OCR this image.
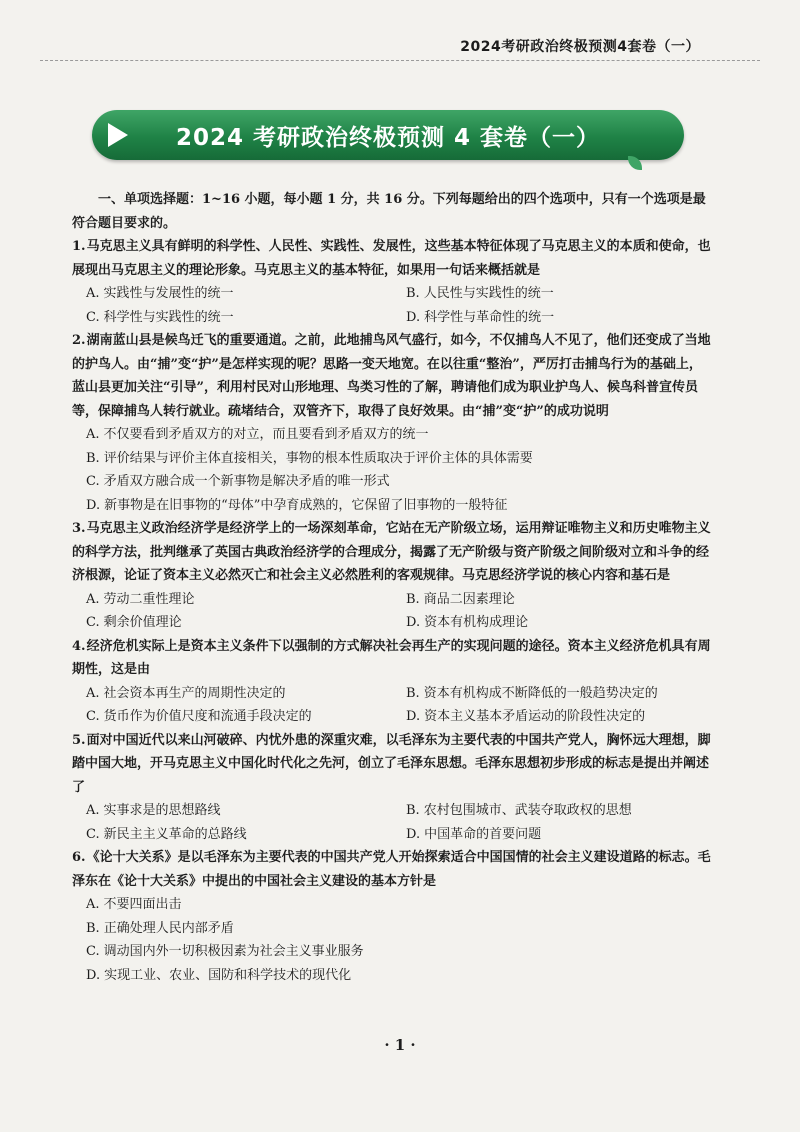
2024考研政治终极预测4套卷（一）
2024 考研政治终极预测 4 套卷（一）

一、单项选择题：1~16 小题，每小题 1 分，共 16 分。下列每题给出的四个选项中，只有一个选项是最符合题目要求的。

1.马克思主义具有鲜明的科学性、人民性、实践性、发展性，这些基本特征体现了马克思主义的本质和使命，也展现出马克思主义的理论形象。马克思主义的基本特征，如果用一句话来概括就是

A. 实践性与发展性的统一	B. 人民性与实践性的统一
C. 科学性与实践性的统一	D. 科学性与革命性的统一

2.湖南蓝山县是候鸟迁飞的重要通道。之前，此地捕鸟风气盛行，如今，不仅捕鸟人不见了，他们还变成了当地的护鸟人。由“捕”变“护”是怎样实现的呢？思路一变天地宽。在以往重“整治”，严厉打击捕鸟行为的基础上，蓝山县更加关注“引导”，利用村民对山形地理、鸟类习性的了解，聘请他们成为职业护鸟人、候鸟科普宣传员等，保障捕鸟人转行就业。疏堵结合，双管齐下，取得了良好效果。由“捕”变“护”的成功说明

A. 不仅要看到矛盾双方的对立，而且要看到矛盾双方的统一
B. 评价结果与评价主体直接相关，事物的根本性质取决于评价主体的具体需要
C. 矛盾双方融合成一个新事物是解决矛盾的唯一形式
D. 新事物是在旧事物的“母体”中孕育成熟的，它保留了旧事物的一般特征

3.马克思主义政治经济学是经济学上的一场深刻革命，它站在无产阶级立场，运用辩证唯物主义和历史唯物主义的科学方法，批判继承了英国古典政治经济学的合理成分，揭露了无产阶级与资产阶级之间阶级对立和斗争的经济根源，论证了资本主义必然灭亡和社会主义必然胜利的客观规律。马克思经济学说的核心内容和基石是

A. 劳动二重性理论	B. 商品二因素理论
C. 剩余价值理论	D. 资本有机构成理论

4.经济危机实际上是资本主义条件下以强制的方式解决社会再生产的实现问题的途径。资本主义经济危机具有周期性，这是由

A. 社会资本再生产的周期性决定的	B. 资本有机构成不断降低的一般趋势决定的
C. 货币作为价值尺度和流通手段决定的	D. 资本主义基本矛盾运动的阶段性决定的

5.面对中国近代以来山河破碎、内忧外患的深重灾难，以毛泽东为主要代表的中国共产党人，胸怀远大理想，脚踏中国大地，开马克思主义中国化时代化之先河，创立了毛泽东思想。毛泽东思想初步形成的标志是提出并阐述了

A. 实事求是的思想路线	B. 农村包围城市、武装夺取政权的思想
C. 新民主主义革命的总路线	D. 中国革命的首要问题

6.《论十大关系》是以毛泽东为主要代表的中国共产党人开始探索适合中国国情的社会主义建设道路的标志。毛泽东在《论十大关系》中提出的中国社会主义建设的基本方针是

A. 不要四面出击
B. 正确处理人民内部矛盾
C. 调动国内外一切积极因素为社会主义事业服务
D. 实现工业、农业、国防和科学技术的现代化
· 1 ·
